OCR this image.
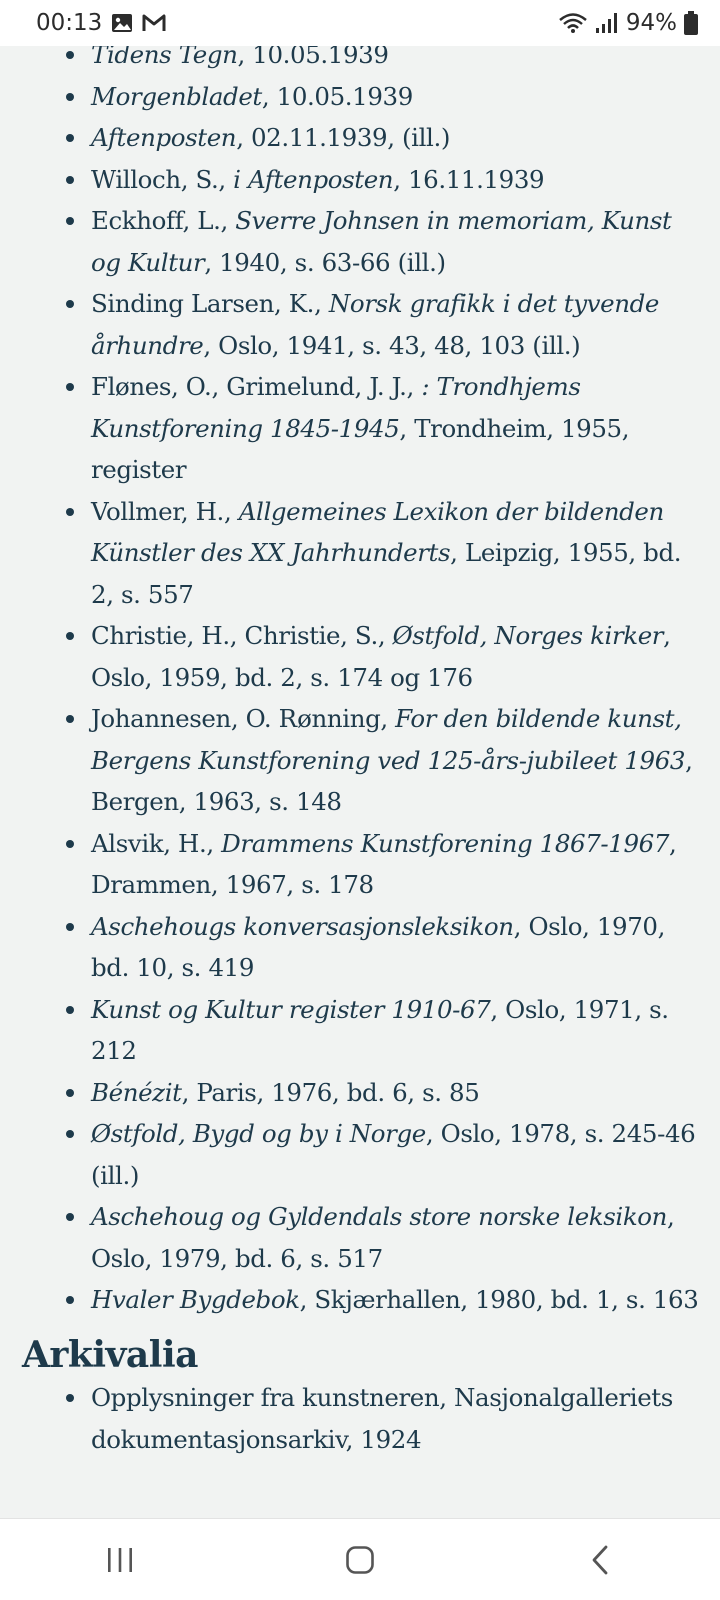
00:13	94%
Tidens Tegn, 10.05.1939
Morgenbladet, 10.05.1939
Aftenposten, 02.11.1939, (ill.)
Willoch, S., i Aftenposten, 16.11.1939
Eckhoff, L., Sverre Johnsen in memoriam, Kunst og Kultur, 1940, s. 63-66 (ill.)
Sinding Larsen, K., Norsk grafikk i det tyvende århundre, Oslo, 1941, s. 43, 48, 103 (ill.)
Flønes, O., Grimelund, J. J., : Trondhjems Kunstforening 1845-1945, Trondheim, 1955, register
Vollmer, H., Allgemeines Lexikon der bildenden Künstler des XX Jahrhunderts, Leipzig, 1955, bd. 2, s. 557
Christie, H., Christie, S., Østfold, Norges kirker, Oslo, 1959, bd. 2, s. 174 og 176
Johannesen, O. Rønning, For den bildende kunst, Bergens Kunstforening ved 125-års-jubileet 1963, Bergen, 1963, s. 148
Alsvik, H., Drammens Kunstforening 1867-1967, Drammen, 1967, s. 178
Aschehougs konversasjonsleksikon, Oslo, 1970, bd. 10, s. 419
Kunst og Kultur register 1910-67, Oslo, 1971, s. 212
Bénézit, Paris, 1976, bd. 6, s. 85
Østfold, Bygd og by i Norge, Oslo, 1978, s. 245-46 (ill.)
Aschehoug og Gyldendals store norske leksikon, Oslo, 1979, bd. 6, s. 517
Hvaler Bygdebok, Skjærhallen, 1980, bd. 1, s. 163
Arkivalia
Opplysninger fra kunstneren, Nasjonalgalleriets dokumentasjonsarkiv, 1924
